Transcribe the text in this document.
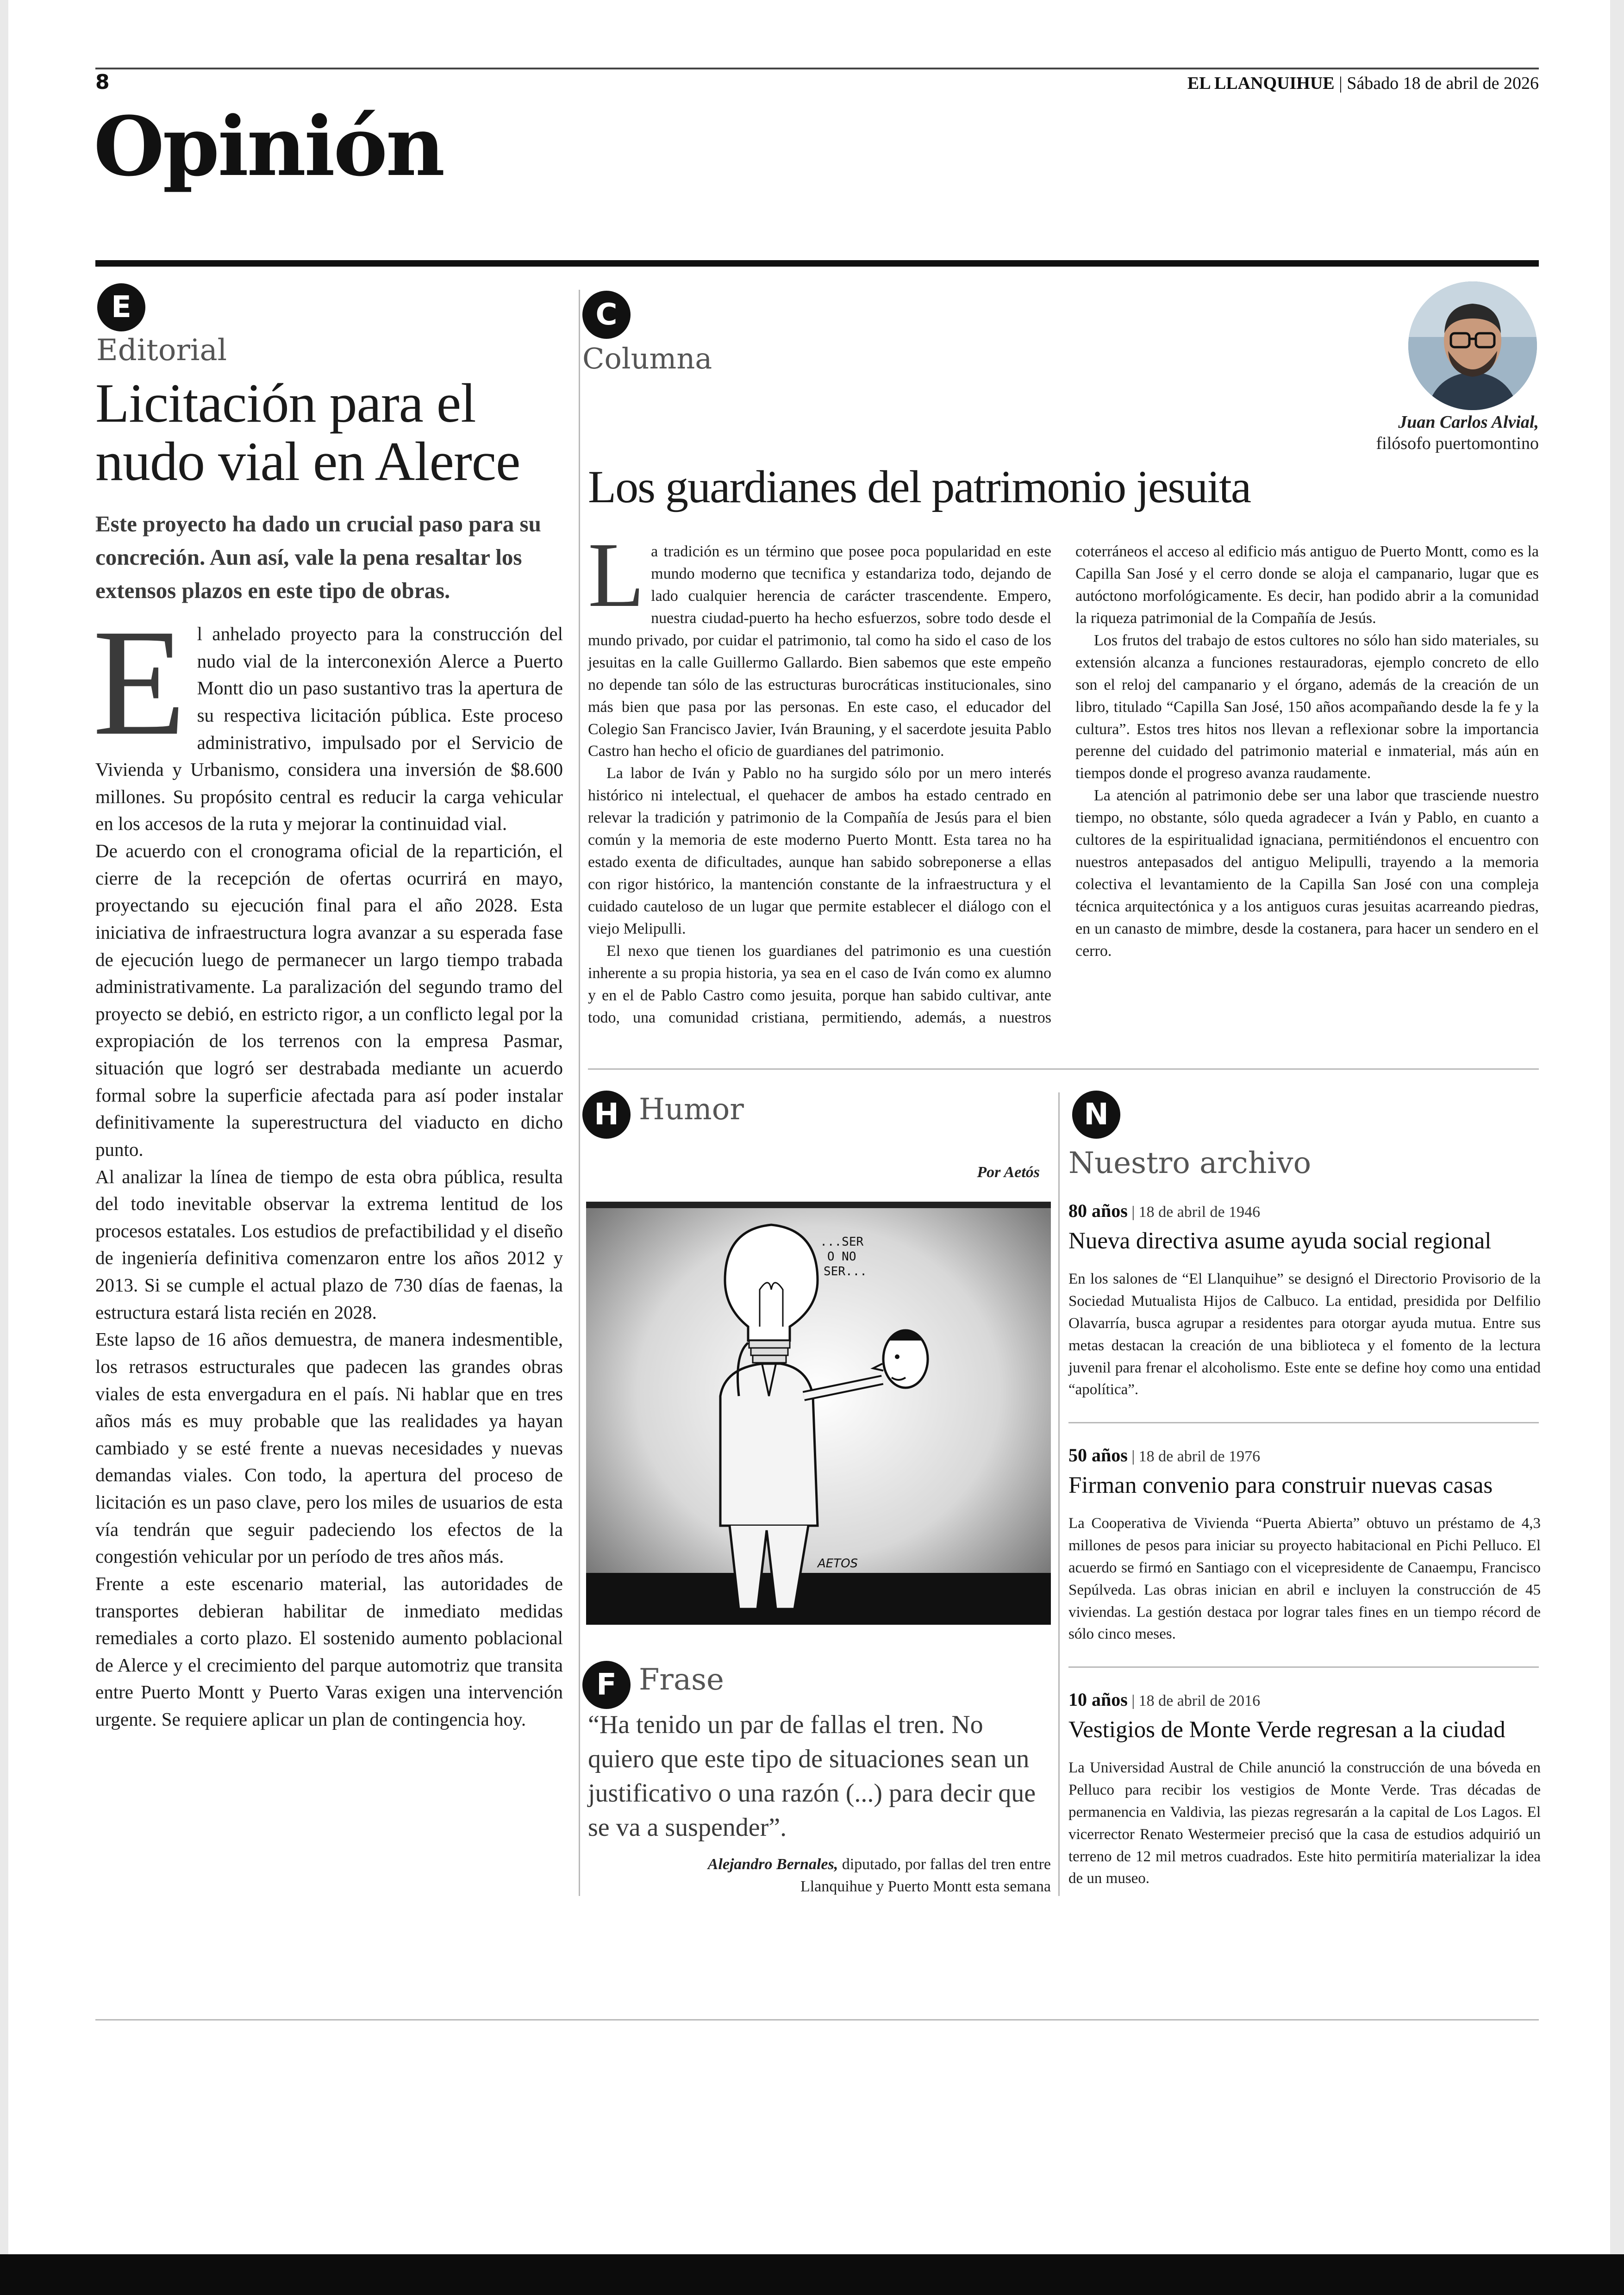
8	EL LLANQUIHUE | Sábado 18 de abril de 2026
Opinión
E
Editorial
Licitación para el nudo vial en Alerce
Este proyecto ha dado un crucial paso para su concreción. Aun así, vale la pena resaltar los extensos plazos en este tipo de obras.
E l anhelado proyecto para la construcción del nudo vial de la interconexión Alerce a Puerto Montt dio un paso sustantivo tras la apertura de su respectiva licitación pública. Este proceso administrativo, impulsado por el Servicio de Vivienda y Urbanismo, considera una inversión de $8.600 millones. Su propósito central es reducir la carga vehicular en los accesos de la ruta y mejorar la continuidad vial.

De acuerdo con el cronograma oficial de la repartición, el cierre de la recepción de ofertas ocurrirá en mayo, proyectando su ejecución final para el año 2028. Esta iniciativa de infraestructura logra avanzar a su esperada fase de ejecución luego de permanecer un largo tiempo trabada administrativamente. La paralización del segundo tramo del proyecto se debió, en estricto rigor, a un conflicto legal por la expropiación de los terrenos con la empresa Pasmar, situación que logró ser destrabada mediante un acuerdo formal sobre la superficie afectada para así poder instalar definitivamente la superestructura del viaducto en dicho punto.

Al analizar la línea de tiempo de esta obra pública, resulta del todo inevitable observar la extrema lentitud de los procesos estatales. Los estudios de prefactibilidad y el diseño de ingeniería definitiva comenzaron entre los años 2012 y 2013. Si se cumple el actual plazo de 730 días de faenas, la estructura estará lista recién en 2028.

Este lapso de 16 años demuestra, de manera indesmentible, los retrasos estructurales que padecen las grandes obras viales de esta envergadura en el país. Ni hablar que en tres años más es muy probable que las realidades ya hayan cambiado y se esté frente a nuevas necesidades y nuevas demandas viales. Con todo, la apertura del proceso de licitación es un paso clave, pero los miles de usuarios de esta vía tendrán que seguir padeciendo los efectos de la congestión vehicular por un período de tres años más.

Frente a este escenario material, las autoridades de transportes debieran habilitar de inmediato medidas remediales a corto plazo. El sostenido aumento poblacional de Alerce y el crecimiento del parque automotriz que transita entre Puerto Montt y Puerto Varas exigen una intervención urgente. Se requiere aplicar un plan de contingencia hoy.

C
Columna
Juan Carlos Alvial,
filósofo puertomontino
Los guardianes del patrimonio jesuita
L a tradición es un término que posee poca popularidad en este mundo moderno que tecnifica y estandariza todo, dejando de lado cualquier herencia de carácter trascendente. Empero, nuestra ciudad-puerto ha hecho esfuerzos, sobre todo desde el mundo privado, por cuidar el patrimonio, tal como ha sido el caso de los jesuitas en la calle Guillermo Gallardo. Bien sabemos que este empeño no depende tan sólo de las estructuras burocráticas institucionales, sino más bien que pasa por las personas. En este caso, el educador del Colegio San Francisco Javier, Iván Brauning, y el sacerdote jesuita Pablo Castro han hecho el oficio de guardianes del patrimonio.

La labor de Iván y Pablo no ha surgido sólo por un mero interés histórico ni intelectual, el quehacer de ambos ha estado centrado en relevar la tradición y patrimonio de la Compañía de Jesús para el bien común y la memoria de este moderno Puerto Montt. Esta tarea no ha estado exenta de dificultades, aunque han sabido sobreponerse a ellas con rigor histórico, la mantención constante de la infraestructura y el cuidado cauteloso de un lugar que permite establecer el diálogo con el viejo Melipulli.

El nexo que tienen los guardianes del patrimonio es una cuestión inherente a su propia historia, ya sea en el caso de Iván como ex alumno y en el de Pablo Castro como jesuita, porque han sabido cultivar, ante todo, una comunidad cristiana, permitiendo, además, a nuestros coterráneos el acceso al edificio más antiguo de Puerto Montt, como es la Capilla San José y el cerro donde se aloja el campanario, lugar que es autóctono morfológicamente. Es decir, han podido abrir a la comunidad la riqueza patrimonial de la Compañía de Jesús.

Los frutos del trabajo de estos cultores no sólo han sido materiales, su extensión alcanza a funciones restauradoras, ejemplo concreto de ello son el reloj del campanario y el órgano, además de la creación de un libro, titulado “Capilla San José, 150 años acompañando desde la fe y la cultura”. Estos tres hitos nos llevan a reflexionar sobre la importancia perenne del cuidado del patrimonio material e inmaterial, más aún en tiempos donde el progreso avanza raudamente.

La atención al patrimonio debe ser una labor que trasciende nuestro tiempo, no obstante, sólo queda agradecer a Iván y Pablo, en cuanto a cultores de la espiritualidad ignaciana, permitiéndonos el encuentro con nuestros antepasados del antiguo Melipulli, trayendo a la memoria colectiva el levantamiento de la Capilla San José con una compleja técnica arquitectónica y a los antiguos curas jesuitas acarreando piedras, en un canasto de mimbre, desde la costanera, para hacer un sendero en el cerro.

H Humor
Por Aetós
...SER O NO SER...
AETOS
F Frase
“Ha tenido un par de fallas el tren. No quiero que este tipo de situaciones sean un justificativo o una razón (...) para decir que se va a suspender”.
Alejandro Bernales, diputado, por fallas del tren entre Llanquihue y Puerto Montt esta semana
N
Nuestro archivo
80 años | 18 de abril de 1946
Nueva directiva asume ayuda social regional
En los salones de “El Llanquihue” se designó el Directorio Provisorio de la Sociedad Mutualista Hijos de Calbuco. La entidad, presidida por Delfilio Olavarría, busca agrupar a residentes para otorgar ayuda mutua. Entre sus metas destacan la creación de una biblioteca y el fomento de la lectura juvenil para frenar el alcoholismo. Este ente se define hoy como una entidad “apolítica”.
50 años | 18 de abril de 1976
Firman convenio para construir nuevas casas
La Cooperativa de Vivienda “Puerta Abierta” obtuvo un préstamo de 4,3 millones de pesos para iniciar su proyecto habitacional en Pichi Pelluco. El acuerdo se firmó en Santiago con el vicepresidente de Canaempu, Francisco Sepúlveda. Las obras inician en abril e incluyen la construcción de 45 viviendas. La gestión destaca por lograr tales fines en un tiempo récord de sólo cinco meses.
10 años | 18 de abril de 2016
Vestigios de Monte Verde regresan a la ciudad
La Universidad Austral de Chile anunció la construcción de una bóveda en Pelluco para recibir los vestigios de Monte Verde. Tras décadas de permanencia en Valdivia, las piezas regresarán a la capital de Los Lagos. El vicerrector Renato Westermeier precisó que la casa de estudios adquirió un terreno de 12 mil metros cuadrados. Este hito permitiría materializar la idea de un museo.
